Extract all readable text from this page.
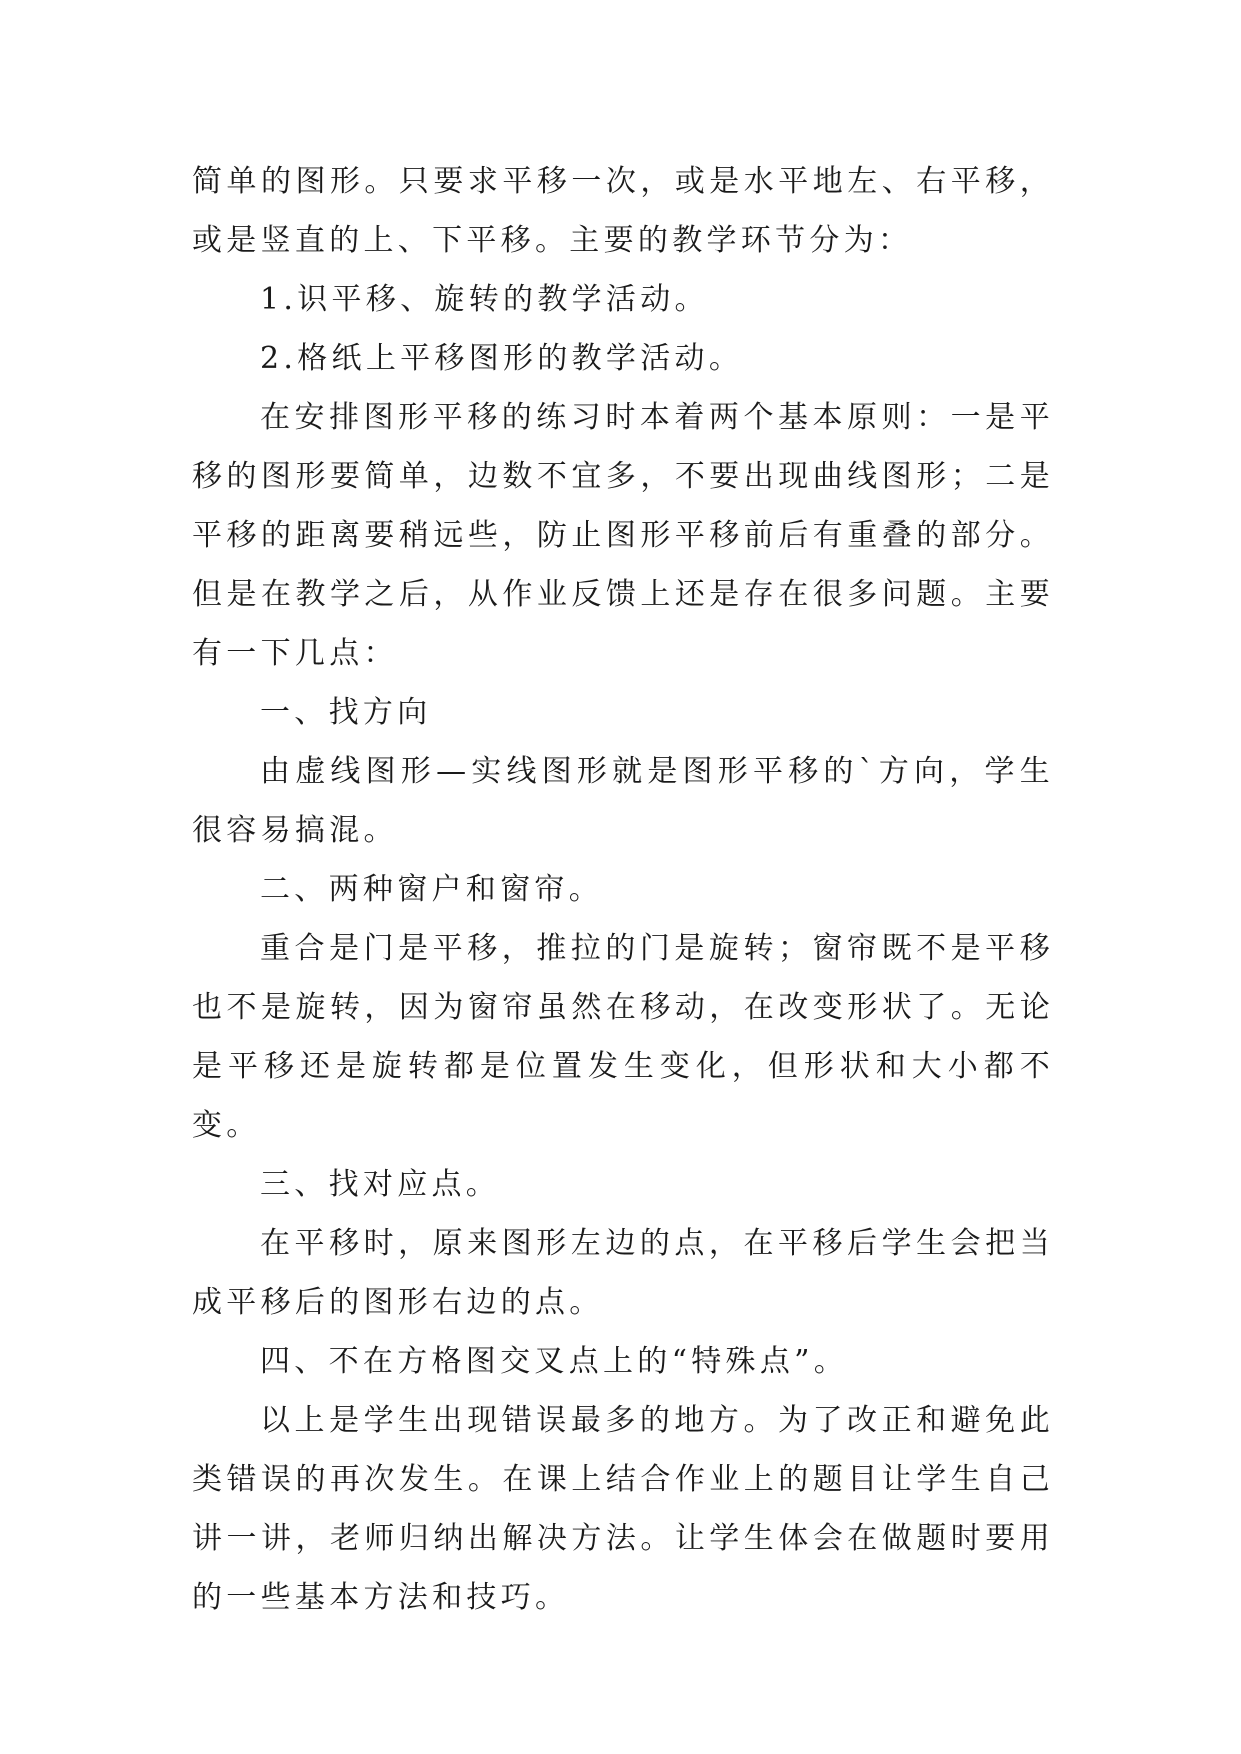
简单的图形。只要求平移一次，或是水平地左、右平移，或是竖直的上、下平移。主要的教学环节分为：

1.识平移、旋转的教学活动。

2.格纸上平移图形的教学活动。

在安排图形平移的练习时本着两个基本原则：一是平移的图形要简单，边数不宜多，不要出现曲线图形；二是平移的距离要稍远些，防止图形平移前后有重叠的部分。但是在教学之后，从作业反馈上还是存在很多问题。主要有一下几点：

一、找方向

由虚线图形—实线图形就是图形平移的`方向，学生很容易搞混。

二、两种窗户和窗帘。

重合是门是平移，推拉的门是旋转；窗帘既不是平移也不是旋转，因为窗帘虽然在移动，在改变形状了。无论是平移还是旋转都是位置发生变化，但形状和大小都不变。

三、找对应点。

在平移时，原来图形左边的点，在平移后学生会把当成平移后的图形右边的点。

四、不在方格图交叉点上的“特殊点”。

以上是学生出现错误最多的地方。为了改正和避免此类错误的再次发生。在课上结合作业上的题目让学生自己讲一讲，老师归纳出解决方法。让学生体会在做题时要用的一些基本方法和技巧。
